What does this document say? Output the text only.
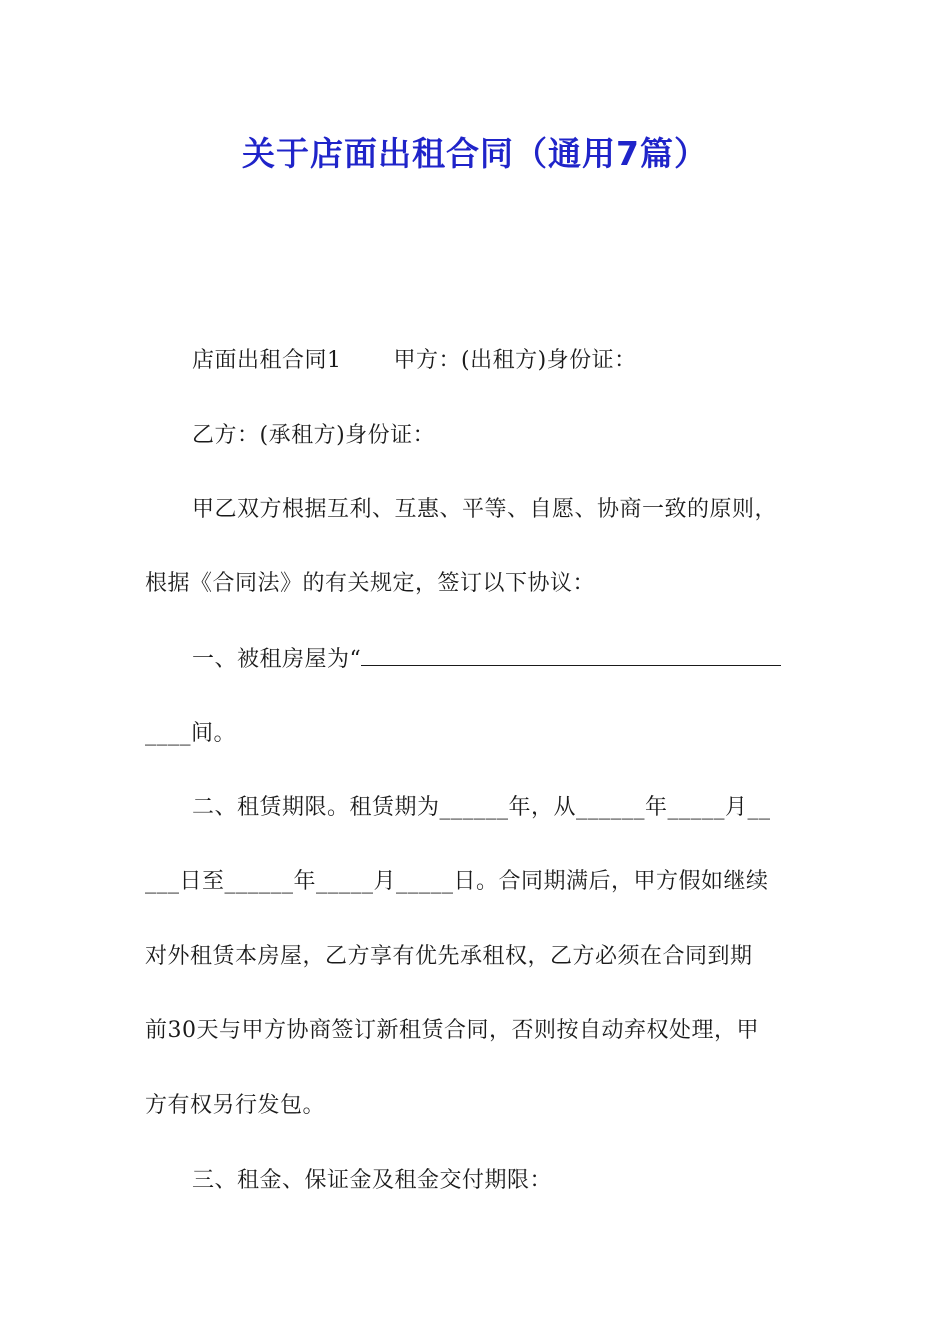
关于店面出租合同（通用7篇）
店面出租合同1 甲方：(出租方)身份证：
乙方：(承租方)身份证：
甲乙双方根据互利、互惠、平等、自愿、协商一致的原则，
根据《合同法》的有关规定，签订以下协议：
一、被租房屋为“
____间。
二、租赁期限。租赁期为______年，从______年_____月__
___日至______年_____月_____日。合同期满后，甲方假如继续
对外租赁本房屋，乙方享有优先承租权，乙方必须在合同到期
前30天与甲方协商签订新租赁合同，否则按自动弃权处理，甲
方有权另行发包。
三、租金、保证金及租金交付期限：
